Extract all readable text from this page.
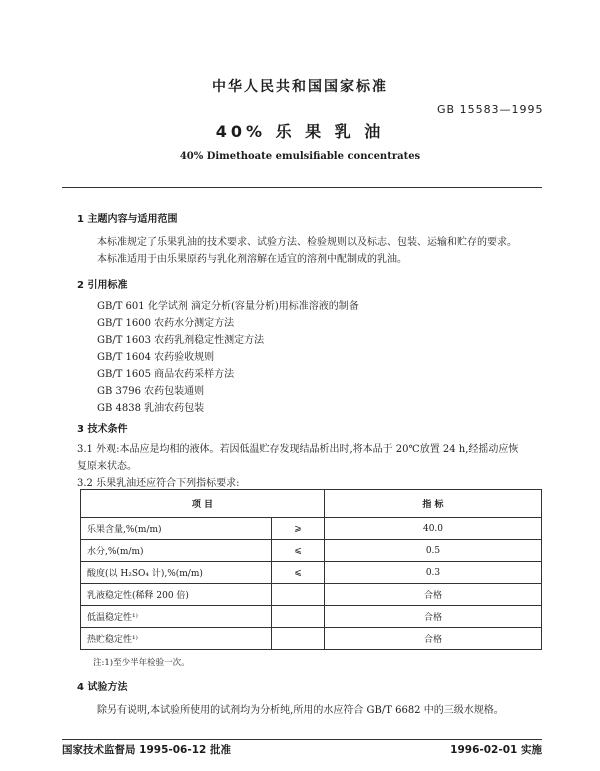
中华人民共和国国家标准
GB 15583—1995
40% 乐 果 乳 油
40% Dimethoate emulsifiable concentrates
1 主题内容与适用范围
本标准规定了乐果乳油的技术要求、试验方法、检验规则以及标志、包装、运输和贮存的要求。
本标准适用于由乐果原药与乳化剂溶解在适宜的溶剂中配制成的乳油。
2 引用标准
GB/T 601 化学试剂 滴定分析(容量分析)用标准溶液的制备
GB/T 1600 农药水分测定方法
GB/T 1603 农药乳剂稳定性测定方法
GB/T 1604 农药验收规则
GB/T 1605 商品农药采样方法
GB 3796 农药包装通则
GB 4838 乳油农药包装
3 技术条件
3.1 外观:本品应是均相的液体。若因低温贮存发现结晶析出时,将本品于 20℃放置 24 h,经摇动应恢
复原来状态。
3.2 乐果乳油还应符合下列指标要求:
项 目		指 标
乐果含量,%(m/m)	⩾	40.0
水分,%(m/m)	⩽	0.5
酸度(以 H₂SO₄ 计),%(m/m)	⩽	0.3
乳液稳定性(稀释 200 倍)		合格
低温稳定性¹⁾		合格
热贮稳定性¹⁾		合格
注:1)至少半年检验一次。
4 试验方法
除另有说明,本试验所使用的试剂均为分析纯,所用的水应符合 GB/T 6682 中的三级水规格。
国家技术监督局 1995-06-12 批准	1996-02-01 实施
